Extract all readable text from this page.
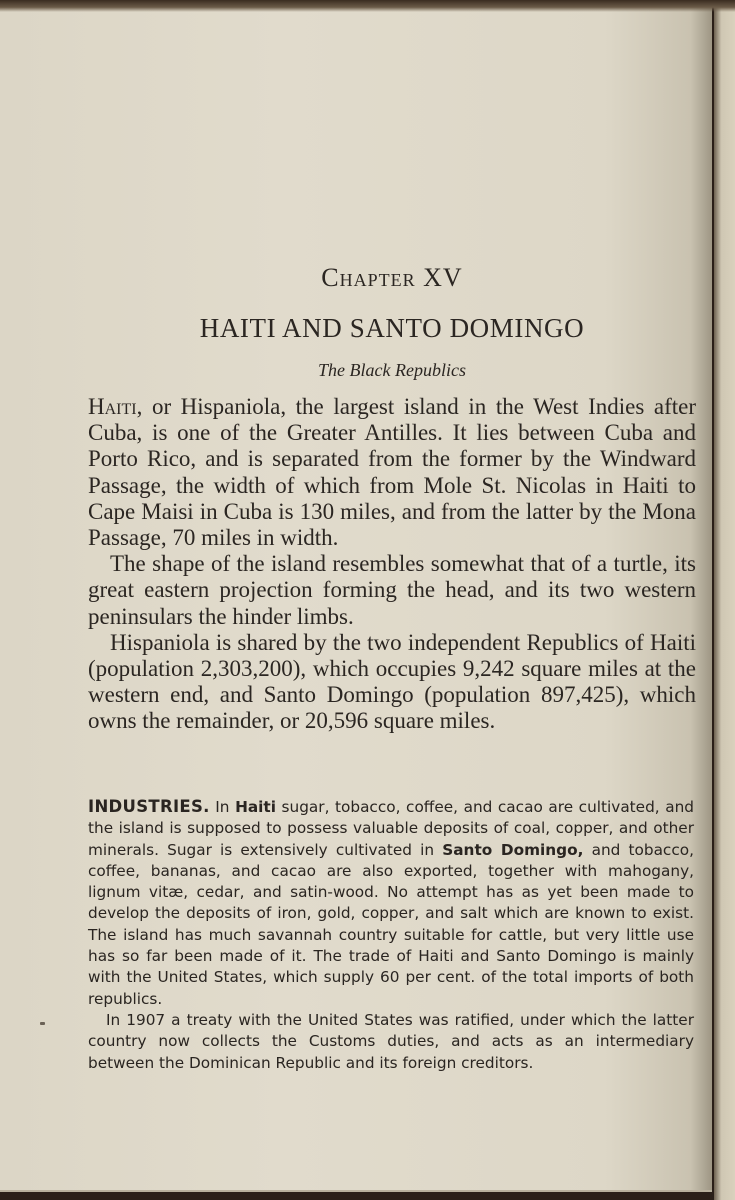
Chapter XV
HAITI AND SANTO DOMINGO
The Black Republics

Haiti, or Hispaniola, the largest island in the West Indies after Cuba, is one of the Greater Antilles. It lies between Cuba and Porto Rico, and is separated from the former by the Windward Passage, the width of which from Mole St. Nicolas in Haiti to Cape Maisi in Cuba is 130 miles, and from the latter by the Mona Passage, 70 miles in width.

The shape of the island resembles somewhat that of a turtle, its great eastern projection forming the head, and its two western peninsulars the hinder limbs.

Hispaniola is shared by the two independent Republics of Haiti (population 2,303,200), which occupies 9,242 square miles at the western end, and Santo Domingo (population 897,425), which owns the remainder, or 20,596 square miles.

INDUSTRIES. In Haiti sugar, tobacco, coffee, and cacao are cultivated, and the island is supposed to possess valuable deposits of coal, copper, and other minerals. Sugar is extensively cultivated in Santo Domingo, and tobacco, coffee, bananas, and cacao are also exported, together with mahogany, lignum vitæ, cedar, and satin-wood. No attempt has as yet been made to develop the deposits of iron, gold, copper, and salt which are known to exist. The island has much savannah country suitable for cattle, but very little use has so far been made of it. The trade of Haiti and Santo Domingo is mainly with the United States, which supply 60 per cent. of the total imports of both republics.

In 1907 a treaty with the United States was ratified, under which the latter country now collects the Customs duties, and acts as an intermediary between the Dominican Republic and its foreign creditors.
